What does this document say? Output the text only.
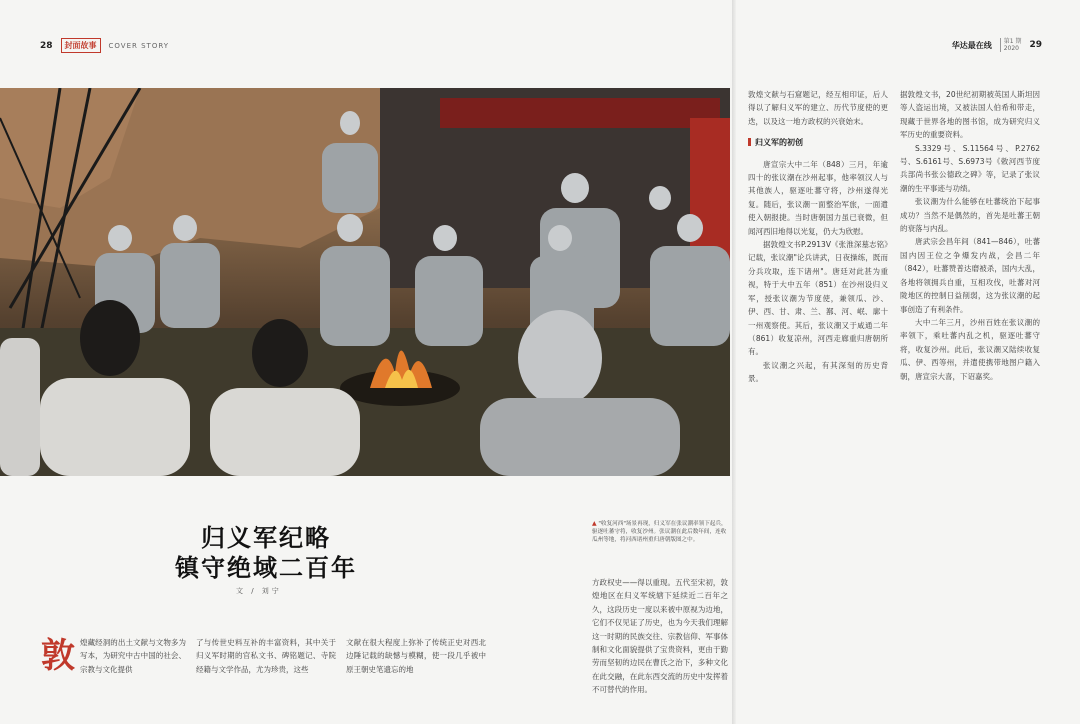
28	封面故事	COVER STORY	华达最在线	第1 期
2020 29
归义军纪略
镇守绝域二百年
文 / 刘宁
敦 煌藏经洞的出土文献与文物多为写本，为研究中古中国的社会、宗教与文化提供

了与传世史料互补的丰富资料，其中关于归义军时期的官私文书、碑铭题记、寺院经籍与文学作品，尤为珍贵，这些

文献在很大程度上弥补了传统正史对西北边陲记载的缺憾与模糊，使一段几乎被中原王朝史笔遗忘的地

▲ "收复河西"场景再现，归义军在张议潮率领下起兵，驱逐吐蕃守将，收复沙州。张议潮在此后数年间，连收瓜州等地，将河西诸州重归唐朝版图之中。

方政权史——得以重现。五代至宋初，敦煌地区在归义军统辖下延续近二百年之久，这段历史一度以来被中原视为边地，它们不仅见证了历史，也为今天我们理解这一时期的民族交往、宗教信仰、军事体制和文化面貌提供了宝贵资料，更由于勤劳而坚韧的边民在曹氏之治下，多种文化在此交融，在此东西交流的历史中发挥着不可替代的作用。

敦煌文献与石窟题记，经互相印证，后人得以了解归义军的建立、历代节度使的更迭，以及这一地方政权的兴衰始末。

归义军的初创

唐宣宗大中二年（848）三月，年逾四十的张议潮在沙州起事，他率领汉人与其他族人，驱逐吐蕃守将，沙州遂得光复。随后，张议潮一面整治军旅，一面遣使入朝报捷。当时唐朝国力虽已衰微，但闻河西旧地得以光复，仍大为欣慰。

据敦煌文书P.2913V《张淮深墓志铭》记载，张议潮"论兵讲武，日夜操练，既而分兵攻取，连下诸州"。唐廷对此甚为重视，特于大中五年（851）在沙州设归义军，授张议潮为节度使，兼领瓜、沙、伊、西、甘、肃、兰、鄯、河、岷、廓十一州观察使。其后，张议潮又于咸通二年（861）收复凉州，河西走廊重归唐朝所有。

张议潮之兴起，有其深刻的历史背景。

据敦煌文书，20世纪初期被英国人斯坦因等人盗运出境，又被法国人伯希和带走，现藏于世界各地的图书馆，成为研究归义军历史的重要资料。

S.3329号、S.11564号、P.2762号、S.6161号、S.6973号《敕河西节度兵部尚书张公德政之碑》等，记录了张议潮的生平事迹与功绩。

张议潮为什么能够在吐蕃统治下起事成功？当然不是偶然的，首先是吐蕃王朝的衰落与内乱。

唐武宗会昌年间（841—846），吐蕃国内因王位之争爆发内战，会昌二年（842），吐蕃赞普达磨被杀，国内大乱，各地将领拥兵自重，互相攻伐，吐蕃对河陇地区的控制日益削弱，这为张议潮的起事创造了有利条件。

大中二年三月，沙州百姓在张议潮的率领下，乘吐蕃内乱之机，驱逐吐蕃守将，收复沙州。此后，张议潮又陆续收复瓜、伊、西等州，并遣使携带地图户籍入朝，唐宣宗大喜，下诏嘉奖。
